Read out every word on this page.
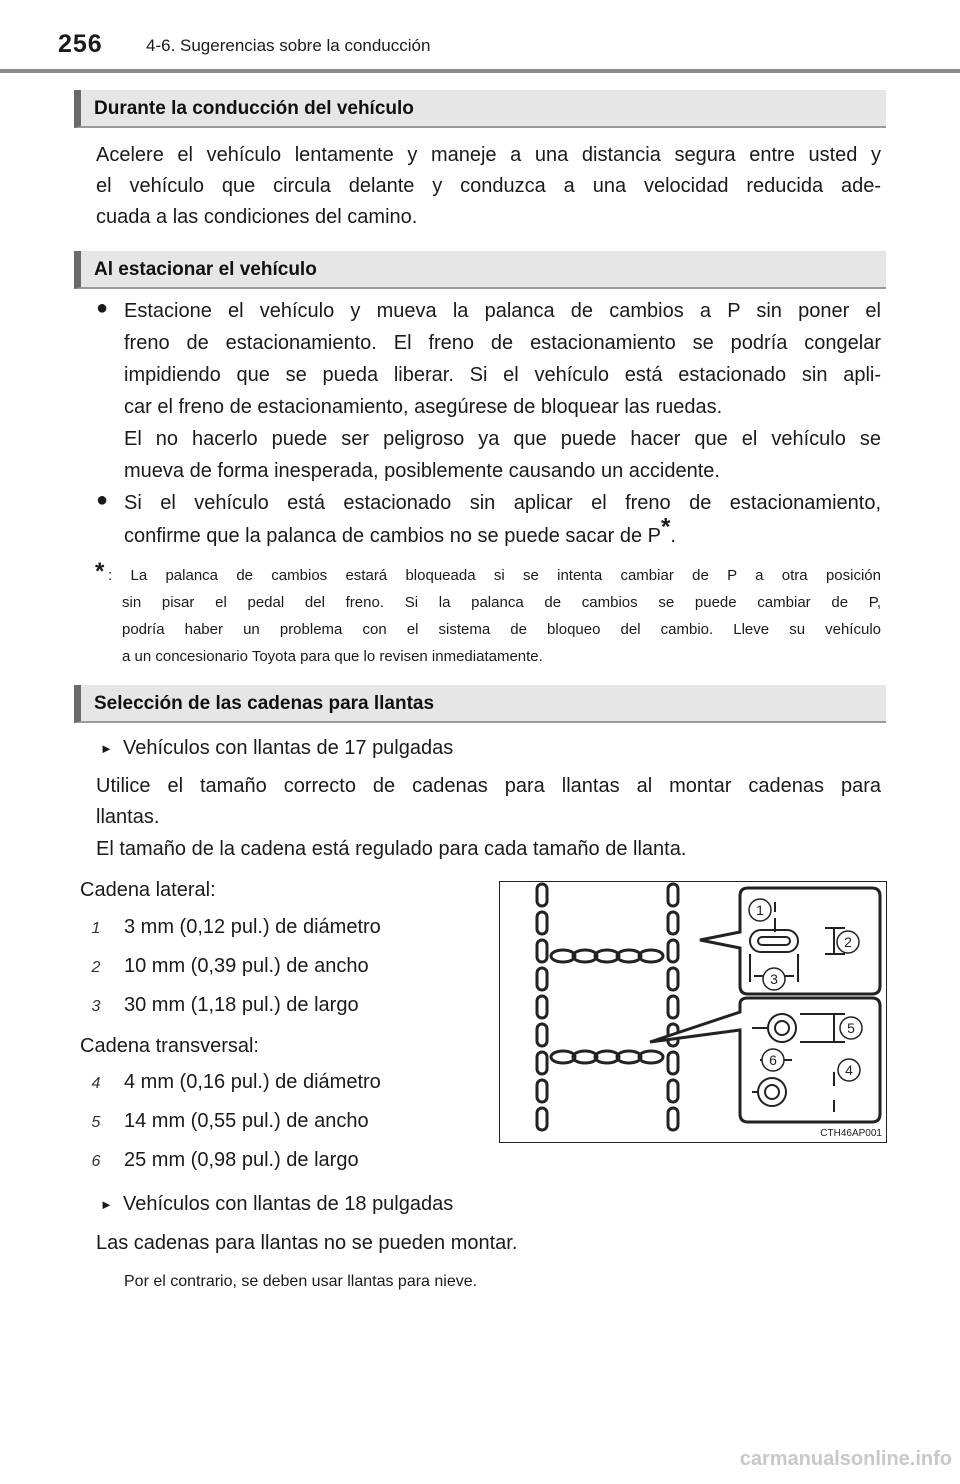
256	4-6. Sugerencias sobre la conducción
Durante la conducción del vehículo
Acelere el vehículo lentamente y maneje a una distancia segura entre usted y
el vehículo que circula delante y conduzca a una velocidad reducida ade-
cuada a las condiciones del camino.
Al estacionar el vehículo
● Estacione el vehículo y mueva la palanca de cambios a P sin poner el
freno de estacionamiento. El freno de estacionamiento se podría congelar
impidiendo que se pueda liberar. Si el vehículo está estacionado sin apli-
car el freno de estacionamiento, asegúrese de bloquear las ruedas.
El no hacerlo puede ser peligroso ya que puede hacer que el vehículo se
mueva de forma inesperada, posiblemente causando un accidente.
● Si el vehículo está estacionado sin aplicar el freno de estacionamiento,
confirme que la palanca de cambios no se puede sacar de P*.
* : La palanca de cambios estará bloqueada si se intenta cambiar de P a otra posición
sin pisar el pedal del freno. Si la palanca de cambios se puede cambiar de P,
podría haber un problema con el sistema de bloqueo del cambio. Lleve su vehículo
a un concesionario Toyota para que lo revisen inmediatamente.
Selección de las cadenas para llantas
► Vehículos con llantas de 17 pulgadas
Utilice el tamaño correcto de cadenas para llantas al montar cadenas para
llantas.
El tamaño de la cadena está regulado para cada tamaño de llanta.
Cadena lateral:
1 3 mm (0,12 pul.) de diámetro
2 10 mm (0,39 pul.) de ancho
3 30 mm (1,18 pul.) de largo
Cadena transversal:
4 4 mm (0,16 pul.) de diámetro
5 14 mm (0,55 pul.) de ancho
6 25 mm (0,98 pul.) de largo
► Vehículos con llantas de 18 pulgadas
Las cadenas para llantas no se pueden montar.
Por el contrario, se deben usar llantas para nieve.
1
2
3
4
5
6
CTH46AP001
carmanualsonline.info
